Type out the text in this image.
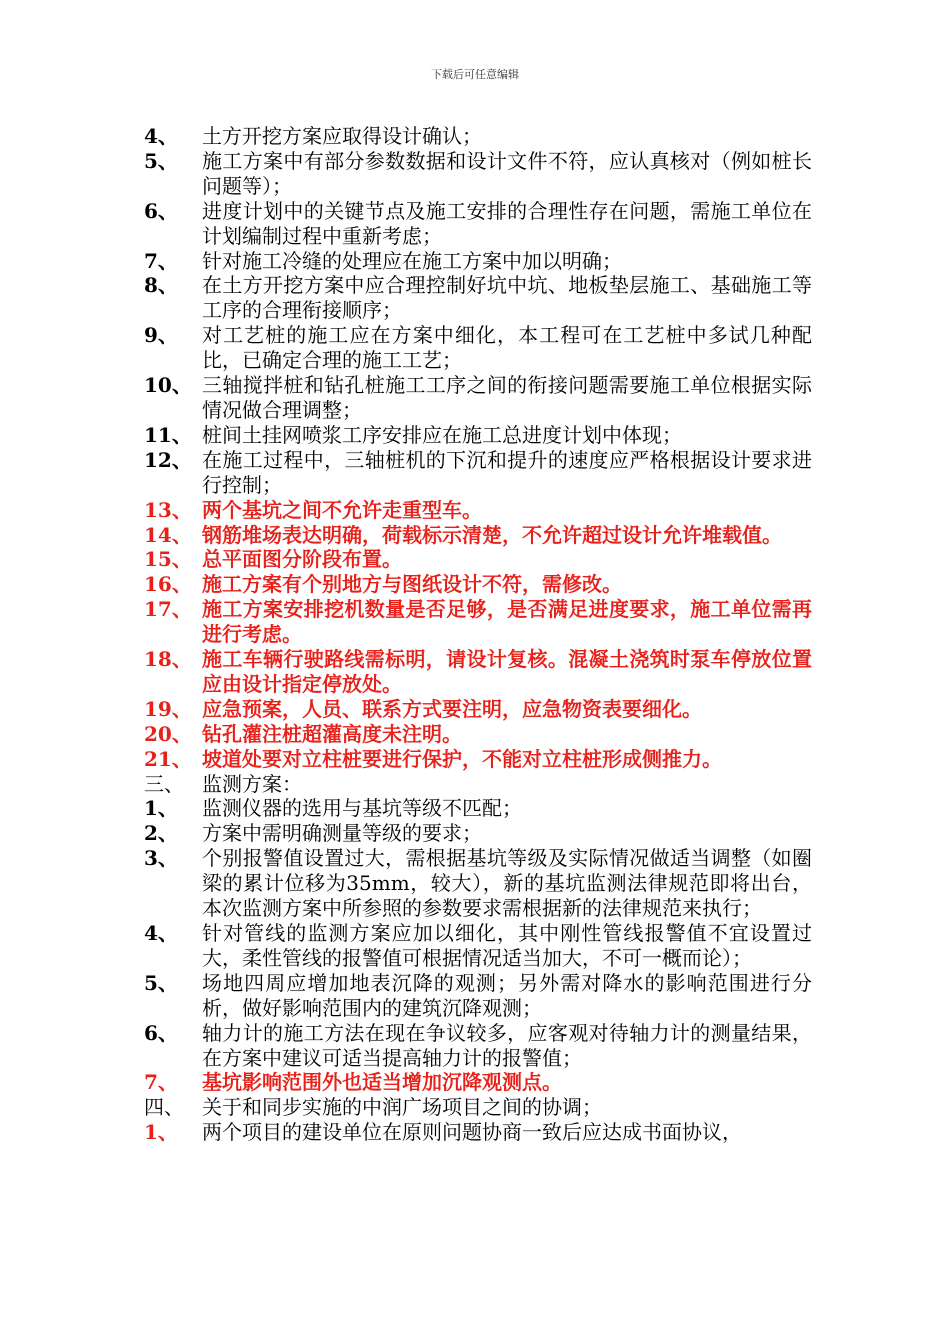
下载后可任意编辑
4、	土方开挖方案应取得设计确认；
5、	施工方案中有部分参数数据和设计文件不符，应认真核对（例如桩长问题等）；
6、	进度计划中的关键节点及施工安排的合理性存在问题，需施工单位在计划编制过程中重新考虑；
7、	针对施工冷缝的处理应在施工方案中加以明确；
8、	在土方开挖方案中应合理控制好坑中坑、地板垫层施工、基础施工等工序的合理衔接顺序；
9、	对工艺桩的施工应在方案中细化，本工程可在工艺桩中多试几种配比，已确定合理的施工工艺；
10、 三轴搅拌桩和钻孔桩施工工序之间的衔接问题需要施工单位根据实际情况做合理调整；
11、 桩间土挂网喷浆工序安排应在施工总进度计划中体现；
12、 在施工过程中，三轴桩机的下沉和提升的速度应严格根据设计要求进行控制；
13、 两个基坑之间不允许走重型车。
14、 钢筋堆场表达明确，荷载标示清楚，不允许超过设计允许堆载值。
15、 总平面图分阶段布置。
16、 施工方案有个别地方与图纸设计不符，需修改。
17、 施工方案安排挖机数量是否足够，是否满足进度要求，施工单位需再进行考虑。
18、 施工车辆行驶路线需标明，请设计复核。混凝土浇筑时泵车停放位置应由设计指定停放处。
19、 应急预案，人员、联系方式要注明，应急物资表要细化。
20、 钻孔灌注桩超灌高度未注明。
21、 坡道处要对立柱桩要进行保护，不能对立柱桩形成侧推力。
三、 监测方案：
1、	监测仪器的选用与基坑等级不匹配；
2、	方案中需明确测量等级的要求；
3、	个别报警值设置过大，需根据基坑等级及实际情况做适当调整（如圈梁的累计位移为35mm，较大），新的基坑监测法律规范即将出台，本次监测方案中所参照的参数要求需根据新的法律规范来执行；
4、	针对管线的监测方案应加以细化，其中刚性管线报警值不宜设置过大，柔性管线的报警值可根据情况适当加大，不可一概而论）；
5、	场地四周应增加地表沉降的观测；另外需对降水的影响范围进行分析，做好影响范围内的建筑沉降观测；
6、	轴力计的施工方法在现在争议较多，应客观对待轴力计的测量结果，在方案中建议可适当提高轴力计的报警值；
7、	基坑影响范围外也适当增加沉降观测点。
四、 关于和同步实施的中润广场项目之间的协调；
1、	两个项目的建设单位在原则问题协商一致后应达成书面协议，
